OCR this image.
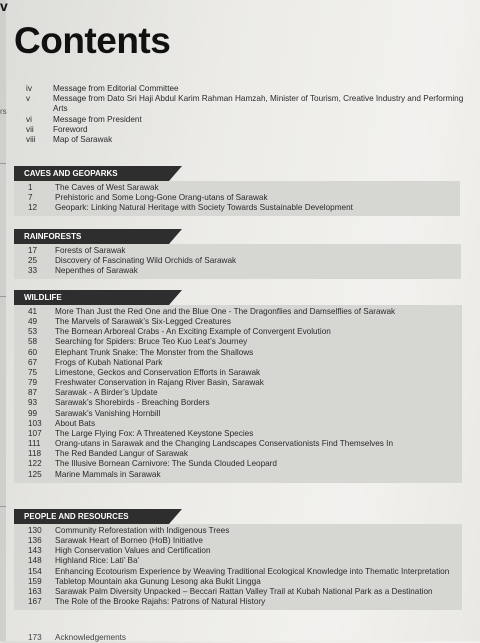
v
rs
Contents
iv	Message from Editorial Committee
v	Message from Dato Sri Haji Abdul Karim Rahman Hamzah, Minister of Tourism, Creative Industry and Performing Arts
vi	Message from President
vii	Foreword
viii	Map of Sarawak
CAVES AND GEOPARKS
1	The Caves of West Sarawak
7	Prehistoric and Some Long-Gone Orang-utans of Sarawak
12	Geopark: Linking Natural Heritage with Society Towards Sustainable Development
RAINFORESTS
17	Forests of Sarawak
25	Discovery of Fascinating Wild Orchids of Sarawak
33	Nepenthes of Sarawak
WILDLIFE
41	More Than Just the Red One and the Blue One - The Dragonflies and Damselflies of Sarawak
49	The Marvels of Sarawak’s Six-Legged Creatures
53	The Bornean Arboreal Crabs - An Exciting Example of Convergent Evolution
58	Searching for Spiders: Bruce Teo Kuo Leat’s Journey
60	Elephant Trunk Snake: The Monster from the Shallows
67	Frogs of Kubah National Park
75	Limestone, Geckos and Conservation Efforts in Sarawak
79	Freshwater Conservation in Rajang River Basin, Sarawak
87	Sarawak - A Birder’s Update
93	Sarawak’s Shorebirds - Breaching Borders
99	Sarawak’s Vanishing Hornbill
103	About Bats
107	The Large Flying Fox: A Threatened Keystone Species
111	Orang-utans in Sarawak and the Changing Landscapes Conservationists Find Themselves In
118	The Red Banded Langur of Sarawak
122	The Illusive Bornean Carnivore: The Sunda Clouded Leopard
125	Marine Mammals in Sarawak
PEOPLE AND RESOURCES
130	Community Reforestation with Indigenous Trees
136	Sarawak Heart of Borneo (HoB) Initiative
143	High Conservation Values and Certification
148	Highland Rice: Lati’ Ba’
154	Enhancing Ecotourism Experience by Weaving Traditional Ecological Knowledge into Thematic Interpretation
159	Tabletop Mountain aka Gunung Lesong aka Bukit Lingga
163	Sarawak Palm Diversity Unpacked – Beccari Rattan Valley Trail at Kubah National Park as a Destination
167	The Role of the Brooke Rajahs: Patrons of Natural History
173	Acknowledgements
